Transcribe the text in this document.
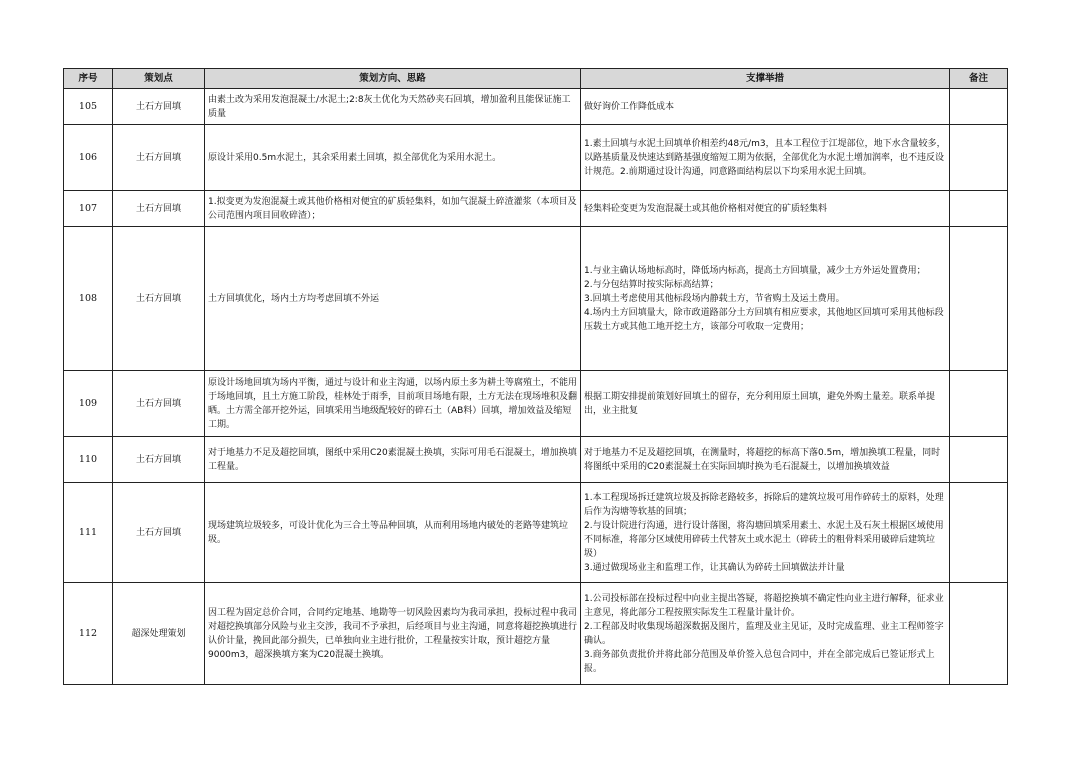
序号	策划点	策划方向、思路	支撑举措	备注
105	土石方回填	由素土改为采用发泡混凝土/水泥土;2:8灰土优化为天然砂夹石回填，增加盈利且能保证施工质量	做好询价工作降低成本	

106	土石方回填	原设计采用0.5m水泥土，其余采用素土回填，拟全部优化为采用水泥土。	1.素土回填与水泥土回填单价相差约48元/m3，且本工程位于江堤部位，地下水含量较多，以路基质量及快速达到路基强度缩短工期为依据，全部优化为水泥土增加润率，也不违反设计规范。2.前期通过设计沟通，同意路面结构层以下均采用水泥土回填。	

107	土石方回填	1.拟变更为发泡混凝土或其他价格相对便宜的矿质轻集料，如加气混凝土碎渣灌浆（本项目及公司范围内项目回收碎渣）；	轻集料砼变更为发泡混凝土或其他价格相对便宜的矿质轻集料	

108	土石方回填	土方回填优化，场内土方均考虑回填不外运	1.与业主确认场地标高时，降低场内标高，提高土方回填量，减少土方外运处置费用；
2.与分包结算时按实际标高结算；
3.回填土考虑使用其他标段场内静载土方，节省购土及运土费用。
4.场内土方回填量大，除市政道路部分土方回填有相应要求，其他地区回填可采用其他标段压载土方或其他工地开挖土方，该部分可收取一定费用；	

109	土石方回填	原设计场地回填为场内平衡，通过与设计和业主沟通，以场内原土多为耕土等腐殖土，不能用于场地回填，且土方施工阶段，桂林处于雨季，目前项目场地有限，土方无法在现场堆积及翻晒。土方需全部开挖外运，回填采用当地级配较好的碎石土（AB料）回填，增加效益及缩短工期。	根据工期安排提前策划好回填土的留存，充分利用原土回填，避免外购土量差。联系单提出，业主批复	

110	土石方回填	对于地基力不足及超挖回填，图纸中采用C20素混凝土换填，实际可用毛石混凝土，增加换填工程量。	对于地基力不足及超挖回填，在测量时，将超挖的标高下落0.5m，增加换填工程量，同时将图纸中采用的C20素混凝土在实际回填时换为毛石混凝土，以增加换填效益	

111	土石方回填	现场建筑垃圾较多，可设计优化为三合土等品种回填，从而利用场地内破处的老路等建筑垃圾。	1.本工程现场拆迁建筑垃圾及拆除老路较多，拆除后的建筑垃圾可用作碎砖土的原料，处理后作为沟塘等软基的回填；
2.与设计院进行沟通，进行设计落图，将沟塘回填采用素土、水泥土及石灰土根据区域使用不同标准，将部分区域使用碎砖土代替灰土或水泥土（碎砖土的粗骨料采用破碎后建筑垃圾）
3.通过做现场业主和监理工作，让其确认为碎砖土回填做法并计量	

112	超深处理策划	因工程为固定总价合同，合同约定地基、地勘等一切风险因素均为我司承担，投标过程中我司对超挖换填部分风险与业主交涉，我司不予承担，后经项目与业主沟通，同意将超挖换填进行认价计量，挽回此部分损失，已单独向业主进行批价，工程量按实计取，预计超挖方量9000m3，超深换填方案为C20混凝土换填。	1.公司投标部在投标过程中向业主提出答疑，将超挖换填不确定性向业主进行解释，征求业主意见，将此部分工程按照实际发生工程量计量计价。
2.工程部及时收集现场超深数据及图片，监理及业主见证，及时完成监理、业主工程师签字确认。
3.商务部负责批价并将此部分范围及单价签入总包合同中，并在全部完成后已签证形式上报。	
